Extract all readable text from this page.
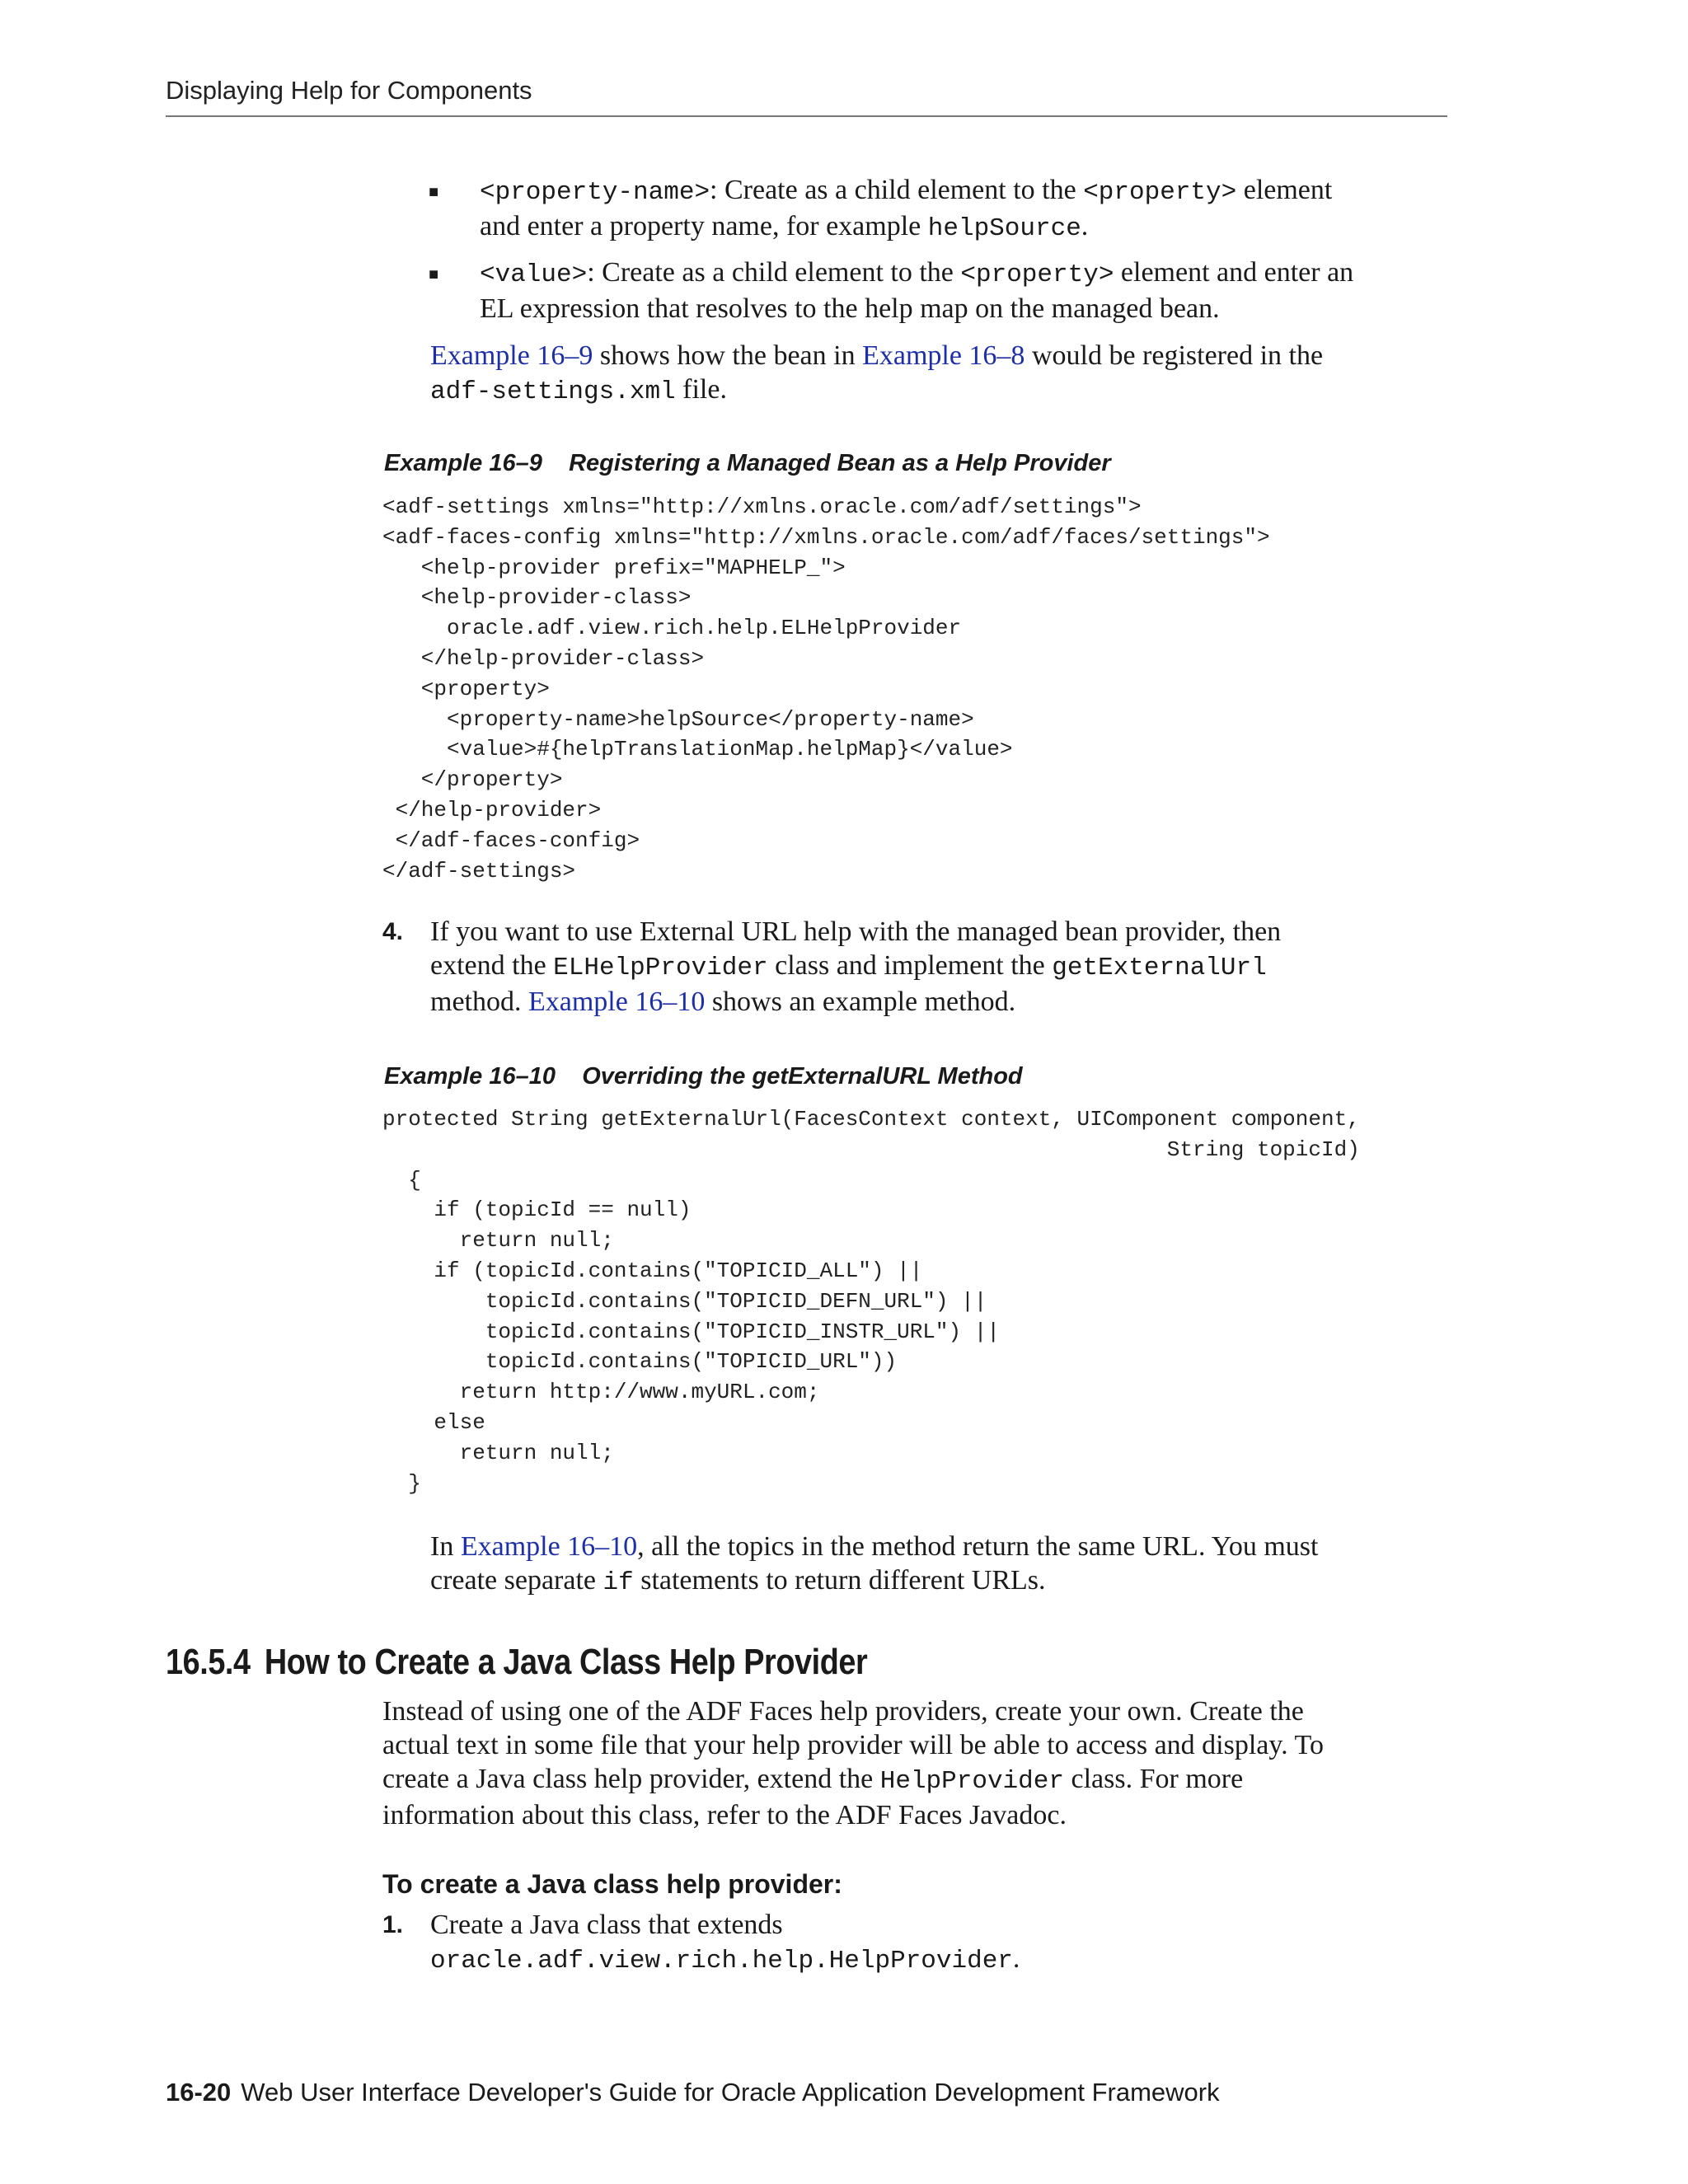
Displaying Help for Components
■ <property-name>: Create as a child element to the <property> element
and enter a property name, for example helpSource.
■ <value>: Create as a child element to the <property> element and enter an
EL expression that resolves to the help map on the managed bean.
Example 16–9 shows how the bean in Example 16–8 would be registered in the
adf-settings.xml file.
Example 16–9 Registering a Managed Bean as a Help Provider
<adf-settings xmlns="http://xmlns.oracle.com/adf/settings">
<adf-faces-config xmlns="http://xmlns.oracle.com/adf/faces/settings">
<help-provider prefix="MAPHELP_">
<help-provider-class>
oracle.adf.view.rich.help.ELHelpProvider
</help-provider-class>
<property>
<property-name>helpSource</property-name>
<value>#{helpTranslationMap.helpMap}</value>
</property>
</help-provider>
</adf-faces-config>
</adf-settings>
4. If you want to use External URL help with the managed bean provider, then
extend the ELHelpProvider class and implement the getExternalUrl
method. Example 16–10 shows an example method.
Example 16–10 Overriding the getExternalURL Method
protected String getExternalUrl(FacesContext context, UIComponent component,
String topicId)
{
if (topicId == null)
return null;
if (topicId.contains("TOPICID_ALL") ||
topicId.contains("TOPICID_DEFN_URL") ||
topicId.contains("TOPICID_INSTR_URL") ||
topicId.contains("TOPICID_URL"))
return http://www.myURL.com;
else
return null;
}
In Example 16–10, all the topics in the method return the same URL. You must
create separate if statements to return different URLs.
16.5.4 How to Create a Java Class Help Provider
Instead of using one of the ADF Faces help providers, create your own. Create the
actual text in some file that your help provider will be able to access and display. To
create a Java class help provider, extend the HelpProvider class. For more
information about this class, refer to the ADF Faces Javadoc.
To create a Java class help provider:
1. Create a Java class that extends
oracle.adf.view.rich.help.HelpProvider.
16-20 Web User Interface Developer's Guide for Oracle Application Development Framework
